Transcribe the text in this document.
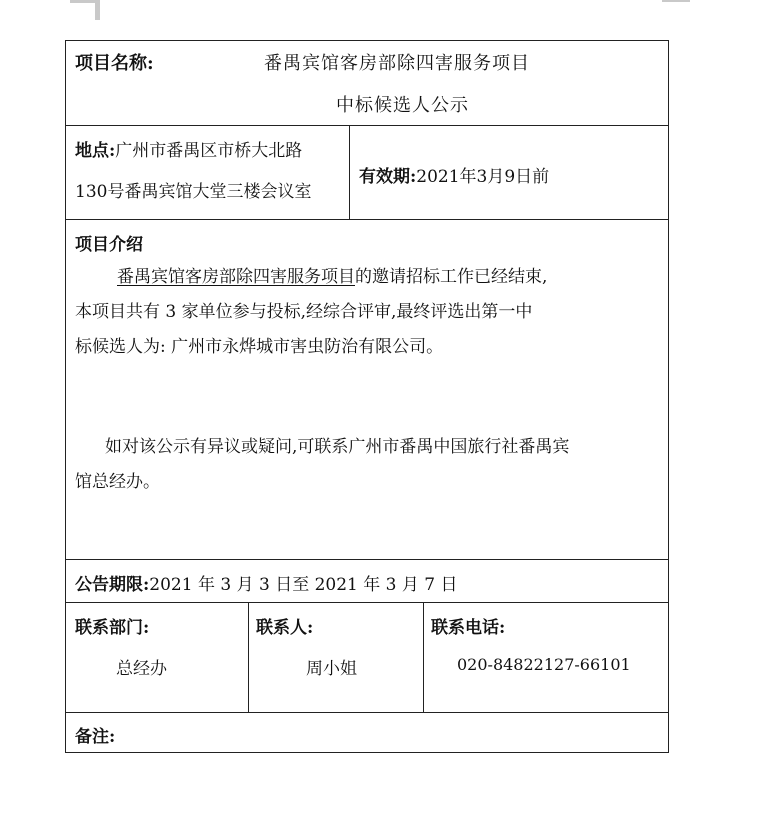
项目名称:	番禺宾馆客房部除四害服务项目
中标候选人公示
地点:广州市番禺区市桥大北路
130号番禺宾馆大堂三楼会议室
有效期:2021年3月9日前
项目介绍
番禺宾馆客房部除四害服务项目的邀请招标工作已经结束,
本项目共有 3 家单位参与投标,经综合评审,最终评选出第一中
标候选人为: 广州市永烨城市害虫防治有限公司。
如对该公示有异议或疑问,可联系广州市番禺中国旅行社番禺宾
馆总经办。
公告期限:2021 年 3 月 3 日至 2021 年 3 月 7 日
联系部门:
总经办
联系人:
周小姐
联系电话:
020-84822127-66101
备注:
